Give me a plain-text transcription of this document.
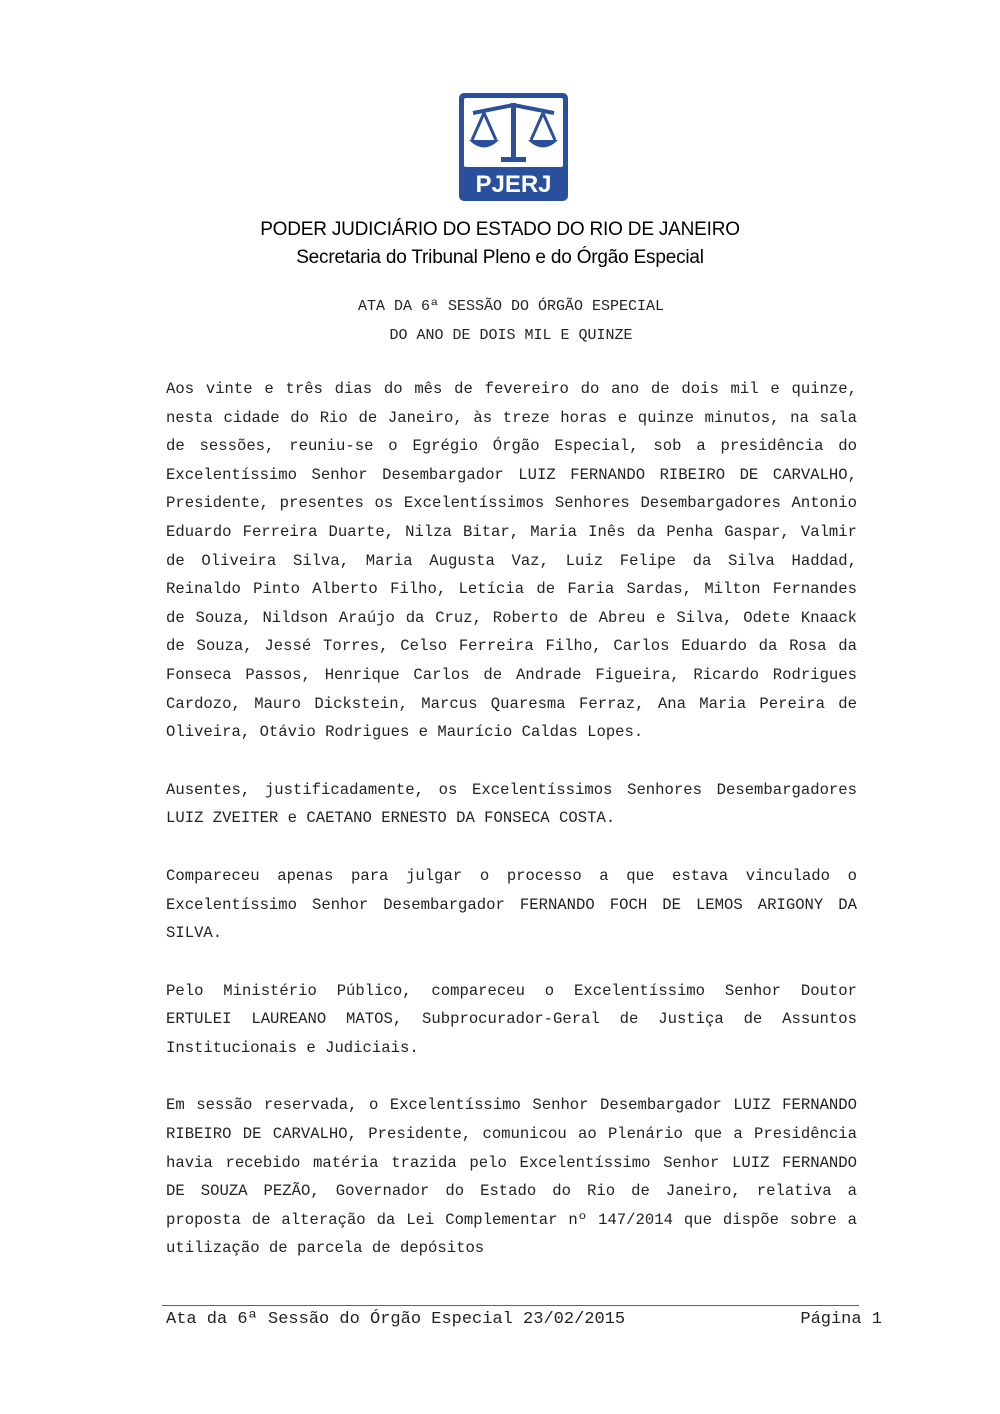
PJERJ
PODER JUDICIÁRIO DO ESTADO DO RIO DE JANEIRO
Secretaria do Tribunal Pleno e do Órgão Especial
ATA DA 6ª SESSÃO DO ÓRGÃO ESPECIAL
DO ANO DE DOIS MIL E QUINZE

Aos vinte e três dias do mês de fevereiro do ano de dois mil e quinze, nesta cidade do Rio de Janeiro, às treze horas e quinze minutos, na sala de sessões, reuniu-se o Egrégio Órgão Especial, sob a presidência do Excelentíssimo Senhor Desembargador LUIZ FERNANDO RIBEIRO DE CARVALHO, Presidente, presentes os Excelentíssimos Senhores Desembargadores Antonio Eduardo Ferreira Duarte, Nilza Bitar, Maria Inês da Penha Gaspar, Valmir de Oliveira Silva, Maria Augusta Vaz, Luiz Felipe da Silva Haddad, Reinaldo Pinto Alberto Filho, Letícia de Faria Sardas, Milton Fernandes de Souza, Nildson Araújo da Cruz, Roberto de Abreu e Silva, Odete Knaack de Souza, Jessé Torres, Celso Ferreira Filho, Carlos Eduardo da Rosa da Fonseca Passos, Henrique Carlos de Andrade Figueira, Ricardo Rodrigues Cardozo, Mauro Dickstein, Marcus Quaresma Ferraz, Ana Maria Pereira de Oliveira, Otávio Rodrigues e Maurício Caldas Lopes.

Ausentes, justificadamente, os Excelentíssimos Senhores Desembargadores LUIZ ZVEITER e CAETANO ERNESTO DA FONSECA COSTA.

Compareceu apenas para julgar o processo a que estava vinculado o Excelentíssimo Senhor Desembargador FERNANDO FOCH DE LEMOS ARIGONY DA SILVA.

Pelo Ministério Público, compareceu o Excelentíssimo Senhor Doutor ERTULEI LAUREANO MATOS, Subprocurador-Geral de Justiça de Assuntos Institucionais e Judiciais.

Em sessão reservada, o Excelentíssimo Senhor Desembargador LUIZ FERNANDO RIBEIRO DE CARVALHO, Presidente, comunicou ao Plenário que a Presidência havia recebido matéria trazida pelo Excelentíssimo Senhor LUIZ FERNANDO DE SOUZA PEZÃO, Governador do Estado do Rio de Janeiro, relativa a proposta de alteração da Lei Complementar nº 147/2014 que dispõe sobre a utilização de parcela de depósitos

Ata da 6ª Sessão do Órgão Especial 23/02/2015	Página 1
